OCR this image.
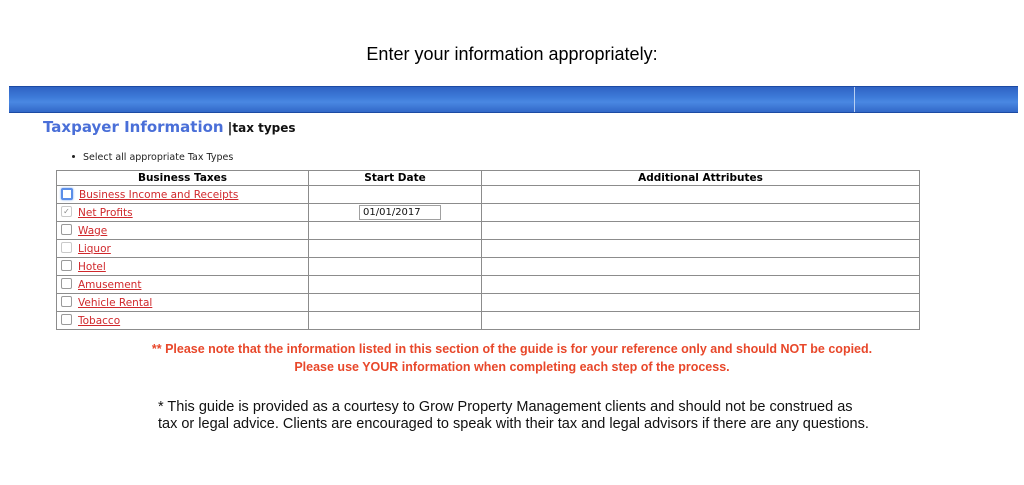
Enter your information appropriately:
Taxpayer Information |tax types
Select all appropriate Tax Types
Business Taxes	Start Date	Additional Attributes
Business Income and Receipts		
✓ Net Profits	01/01/2017	
Wage		
Liquor		
Hotel		
Amusement		
Vehicle Rental		
Tobacco		
** Please note that the information listed in this section of the guide is for your reference only and should NOT be copied.
Please use YOUR information when completing each step of the process.
* This guide is provided as a courtesy to Grow Property Management clients and should not be construed as
tax or legal advice. Clients are encouraged to speak with their tax and legal advisors if there are any questions.
